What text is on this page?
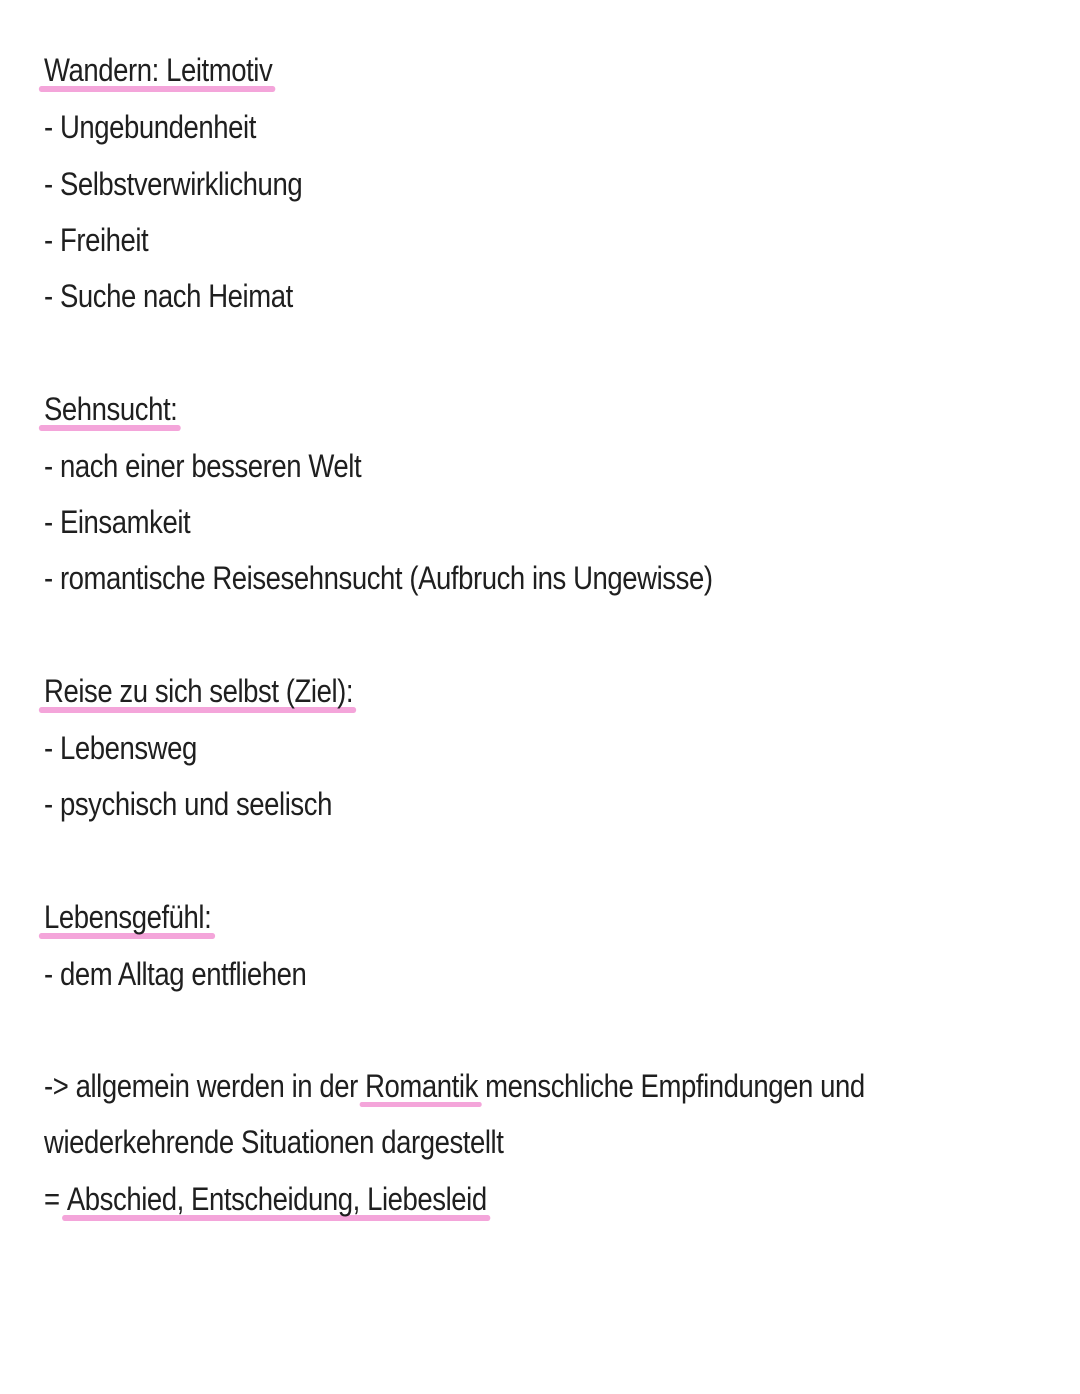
Wandern: Leitmotiv
- Ungebundenheit
- Selbstverwirklichung
- Freiheit
- Suche nach Heimat
Sehnsucht:
- nach einer besseren Welt
- Einsamkeit
- romantische Reisesehnsucht (Aufbruch ins Ungewisse)
Reise zu sich selbst (Ziel):
- Lebensweg
- psychisch und seelisch
Lebensgefühl:
- dem Alltag entfliehen
-> allgemein werden in der Romantik menschliche Empfindungen und
wiederkehrende Situationen dargestellt
= Abschied, Entscheidung, Liebesleid
